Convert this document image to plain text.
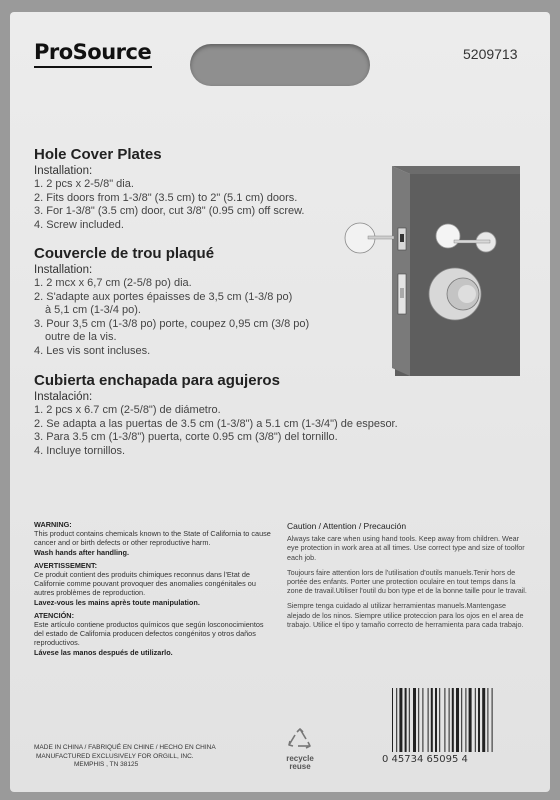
ProSource	5209713
Hole Cover Plates
Installation:
1. 2 pcs x 2-5/8" dia.
2. Fits doors from 1-3/8" (3.5 cm) to 2" (5.1 cm) doors.
3. For 1-3/8" (3.5 cm) door, cut 3/8" (0.95 cm) off screw.
4. Screw included.
Couvercle de trou plaqué
Installation:
1. 2 mcx x 6,7 cm (2-5/8 po) dia.
2. S'adapte aux portes épaisses de 3,5 cm (1-3/8 po)
à 5,1 cm (1-3/4 po).
3. Pour 3,5 cm (1-3/8 po) porte, coupez 0,95 cm (3/8 po)
outre de la vis.
4. Les vis sont incluses.
Cubierta enchapada para agujeros
Instalación:
1. 2 pcs x 6.7 cm (2-5/8") de diámetro.
2. Se adapta a las puertas de 3.5 cm (1-3/8") a 5.1 cm (1-3/4") de espesor.
3. Para 3.5 cm (1-3/8") puerta, corte 0.95 cm (3/8") del tornillo.
4. Incluye tornillos.

WARNING:
This product contains chemicals known to the State of California to cause cancer and or birth defects or other reproductive harm.
Wash hands after handling.

AVERTISSEMENT:
Ce produit contient des produits chimiques reconnus dans l'Etat de Californie comme pouvant provoquer des anomalies congénitales ou autres problèmes de reproduction.
Lavez-vous les mains après toute manipulation.

ATENCIÓN:
Este artículo contiene productos químicos que según losconocimientos del estado de California producen defectos congénitos y otros daños reproductivos.
Lávese las manos después de utilizarlo.

Caution / Attention / Precaución

Always take care when using hand tools. Keep away from children. Wear eye protection in work area at all times. Use correct type and size of toolfor each job.

Toujours faire attention lors de l'utilisation d'outils manuels.Tenir hors de portée des enfants. Porter une protection oculaire en tout temps dans la zone de travail.Utiliser l'outil du bon type et de la bonne taille pour le travail.

Siempre tenga cuidado al utilizar herramientas manuels.Mantengase alejado de los ninos. Siempre utilice proteccion para los ojos en el area de trabajo. Utilice el tipo y tamaño correcto de herramienta para cada trabajo.

MADE IN CHINA / FABRIQUÉ EN CHINE / HECHO EN CHINA
MANUFACTURED EXCLUSIVELY FOR ORGILL, INC.
MEMPHIS , TN 38125
recycle
reuse
0 45734 65095 4
